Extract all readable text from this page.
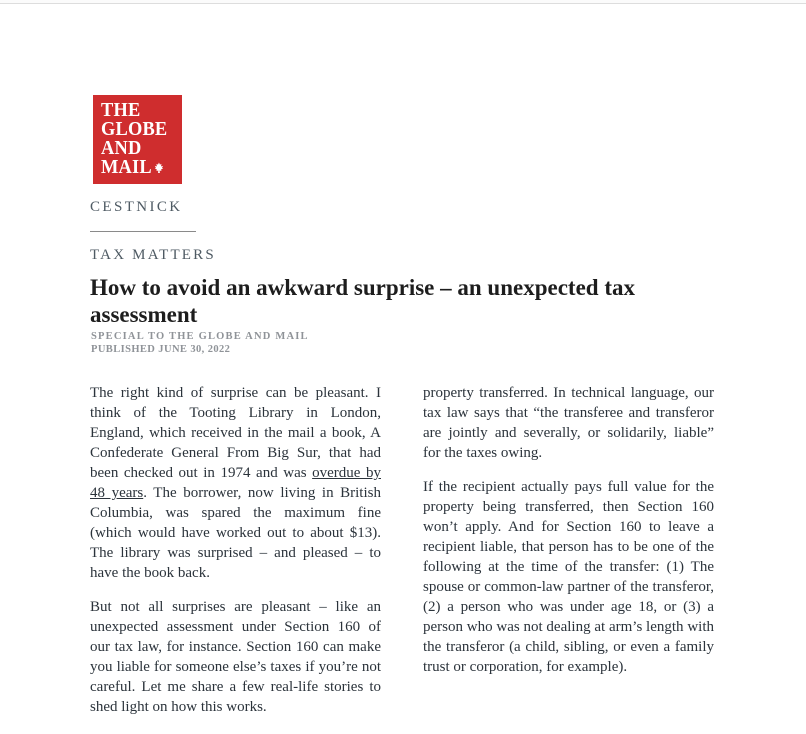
THE
GLOBE
AND
MAIL
CESTNICK
TAX MATTERS
How to avoid an awkward surprise – an unexpected tax assessment
SPECIAL TO THE GLOBE AND MAIL
PUBLISHED JUNE 30, 2022

The right kind of surprise can be pleasant. I think of the Tooting Library in London, England, which received in the mail a book, A Confederate General From Big Sur, that had been checked out in 1974 and was overdue by 48 years. The borrower, now living in British Columbia, was spared the maximum fine (which would have worked out to about $13). The library was surprised – and pleased – to have the book back.

But not all surprises are pleasant – like an unexpected assessment under Section 160 of our tax law, for instance. Section 160 can make you liable for someone else’s taxes if you’re not careful. Let me share a few real-life stories to shed light on how this works.

property transferred. In technical language, our tax law says that “the transferee and transferor are jointly and severally, or solidarily, liable” for the taxes owing.

If the recipient actually pays full value for the property being transferred, then Section 160 won’t apply. And for Section 160 to leave a recipient liable, that person has to be one of the following at the time of the transfer: (1) The spouse or common-law partner of the transferor, (2) a person who was under age 18, or (3) a person who was not dealing at arm’s length with the transferor (a child, sibling, or even a family trust or corporation, for example).
